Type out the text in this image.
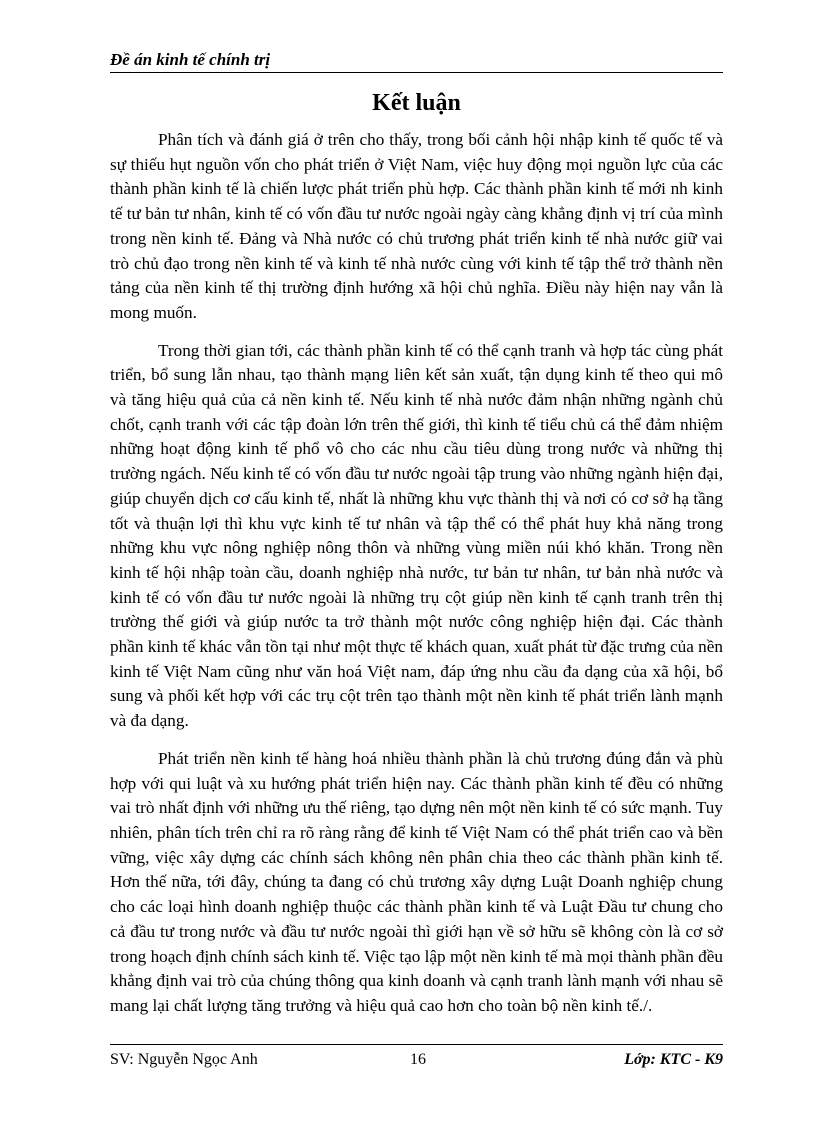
Đề án kinh tế chính trị
Kết luận

Phân tích và đánh giá ở trên cho thấy, trong bối cảnh hội nhập kinh tế quốc tế và sự thiếu hụt nguồn vốn cho phát triển ở Việt Nam, việc huy động mọi nguồn lực của các thành phần kinh tế là chiến lược phát triển phù hợp. Các thành phần kinh tế mới nh kinh tế tư bản tư nhân, kinh tế có vốn đầu tư nước ngoài ngày càng khẳng định vị trí của mình trong nền kinh tế. Đảng và Nhà nước có chủ trương phát triển kinh tế nhà nước giữ vai trò chủ đạo trong nền kinh tế và kinh tế nhà nước cùng với kinh tế tập thể trở thành nền tảng của nền kinh tế thị trường định hướng xã hội chủ nghĩa. Điều này hiện nay vẫn là mong muốn.

Trong thời gian tới, các thành phần kinh tế có thể cạnh tranh và hợp tác cùng phát triển, bổ sung lẫn nhau, tạo thành mạng liên kết sản xuất, tận dụng kinh tế theo qui mô và tăng hiệu quả của cả nền kinh tế. Nếu kinh tế nhà nước đảm nhận những ngành chủ chốt, cạnh tranh với các tập đoàn lớn trên thế giới, thì kinh tế tiểu chủ cá thể đảm nhiệm những hoạt động kinh tế phổ vô cho các nhu cầu tiêu dùng trong nước và những thị trường ngách. Nếu kinh tế có vốn đầu tư nước ngoài tập trung vào những ngành hiện đại, giúp chuyển dịch cơ cấu kinh tế, nhất là những khu vực thành thị và nơi có cơ sở hạ tầng tốt và thuận lợi thì khu vực kinh tế tư nhân và tập thể có thể phát huy khả năng trong những khu vực nông nghiệp nông thôn và những vùng miền núi khó khăn. Trong nền kinh tế hội nhập toàn cầu, doanh nghiệp nhà nước, tư bản tư nhân, tư bản nhà nước và kinh tế có vốn đầu tư nước ngoài là những trụ cột giúp nền kinh tế cạnh tranh trên thị trường thế giới và giúp nước ta trở thành một nước công nghiệp hiện đại. Các thành phần kinh tế khác vẫn tồn tại như một thực tế khách quan, xuất phát từ đặc trưng của nền kinh tế Việt Nam cũng như văn hoá Việt nam, đáp ứng nhu cầu đa dạng của xã hội, bổ sung và phối kết hợp với các trụ cột trên tạo thành một nền kinh tế phát triển lành mạnh và đa dạng.

Phát triển nền kinh tế hàng hoá nhiều thành phần là chủ trương đúng đắn và phù hợp với qui luật và xu hướng phát triển hiện nay. Các thành phần kinh tế đều có những vai trò nhất định với những ưu thế riêng, tạo dựng nên một nền kinh tế có sức mạnh. Tuy nhiên, phân tích trên chỉ ra rõ ràng rằng để kinh tế Việt Nam có thể phát triển cao và bền vững, việc xây dựng các chính sách không nên phân chia theo các thành phần kinh tế. Hơn thế nữa, tới đây, chúng ta đang có chủ trương xây dựng Luật Doanh nghiệp chung cho các loại hình doanh nghiệp thuộc các thành phần kinh tế và Luật Đầu tư chung cho cả đầu tư trong nước và đầu tư nước ngoài thì giới hạn về sở hữu sẽ không còn là cơ sở trong hoạch định chính sách kinh tế. Việc tạo lập một nền kinh tế mà mọi thành phần đều khẳng định vai trò của chúng thông qua kinh doanh và cạnh tranh lành mạnh với nhau sẽ mang lại chất lượng tăng trưởng và hiệu quả cao hơn cho toàn bộ nền kinh tế./.

SV: Nguyễn Ngọc Anh	16	Lớp: KTC - K9
